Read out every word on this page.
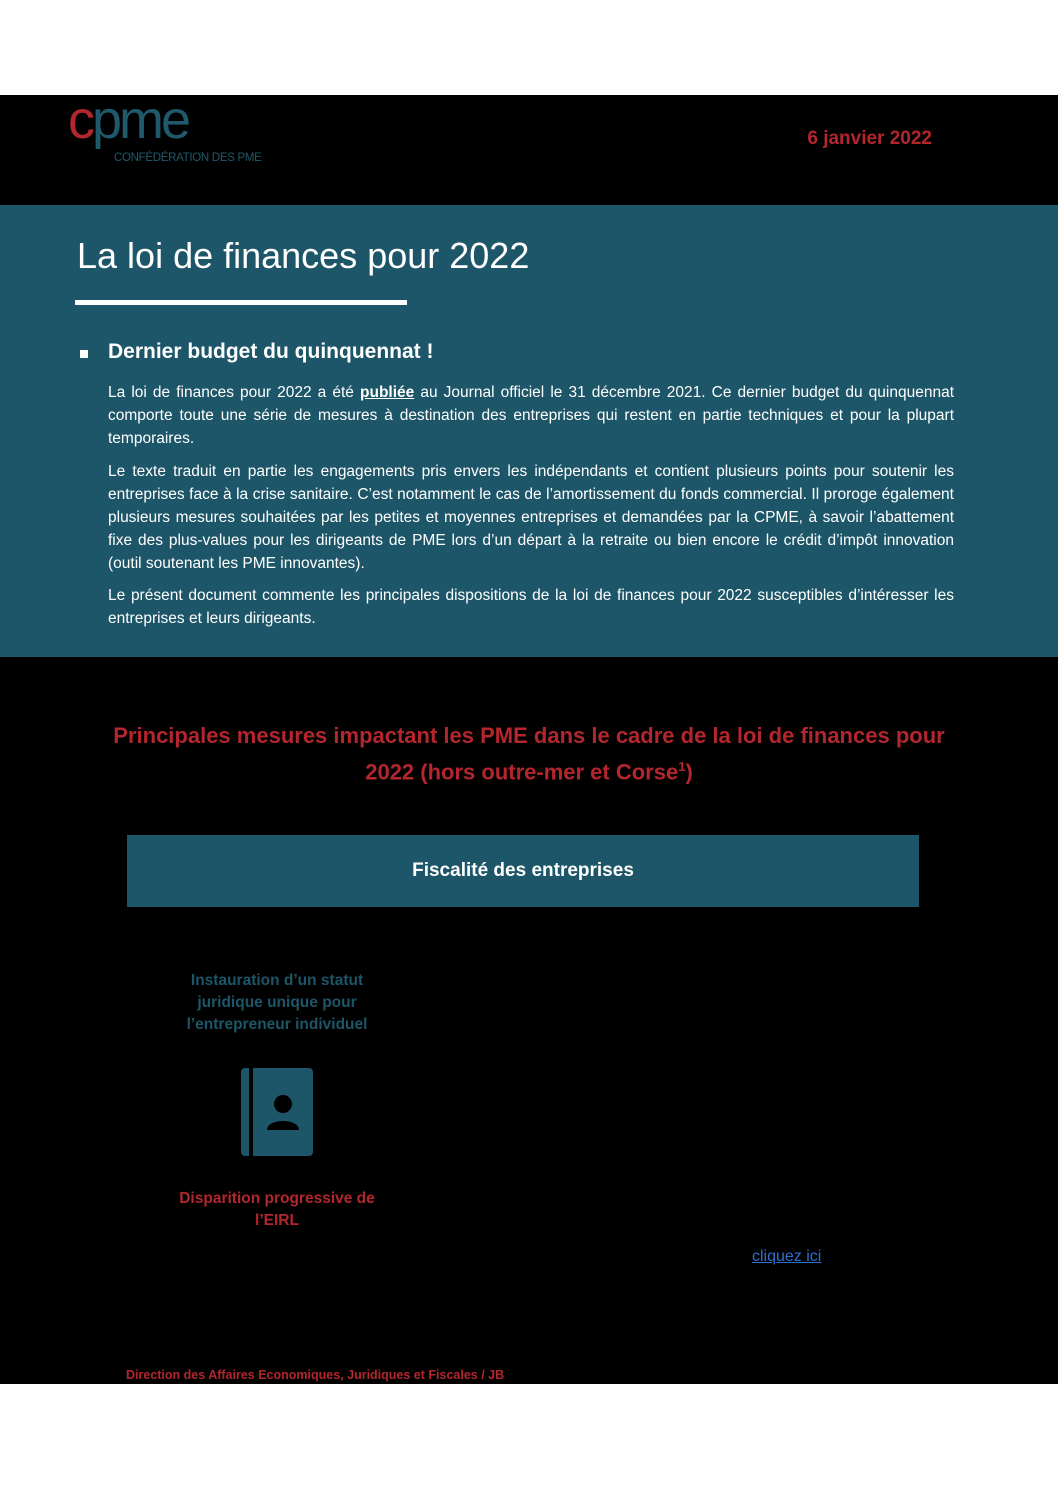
cpme
CONFÉDÉRATION DES PME
6 janvier 2022
La loi de finances pour 2022
Dernier budget du quinquennat !
La loi de finances pour 2022 a été publiée au Journal officiel le 31 décembre 2021. Ce dernier budget du quinquennat comporte toute une série de mesures à destination des entreprises qui restent en partie techniques et pour la plupart temporaires.
Le texte traduit en partie les engagements pris envers les indépendants et contient plusieurs points pour soutenir les entreprises face à la crise sanitaire. C’est notamment le cas de l’amortissement du fonds commercial. Il proroge également plusieurs mesures souhaitées par les petites et moyennes entreprises et demandées par la CPME, à savoir l’abattement fixe des plus-values pour les dirigeants de PME lors d’un départ à la retraite ou bien encore le crédit d’impôt innovation (outil soutenant les PME innovantes).
Le présent document commente les principales dispositions de la loi de finances pour 2022 susceptibles d’intéresser les entreprises et leurs dirigeants.
Principales mesures impactant les PME dans le cadre de la loi de finances pour 2022 (hors outre-mer et Corse$^1$)
Fiscalité des entreprises
Instauration d’un statut juridique unique pour l’entrepreneur individuel
Disparition progressive de l’EIRL
cliquez ici
Direction des Affaires Economiques, Juridiques et Fiscales / JB
